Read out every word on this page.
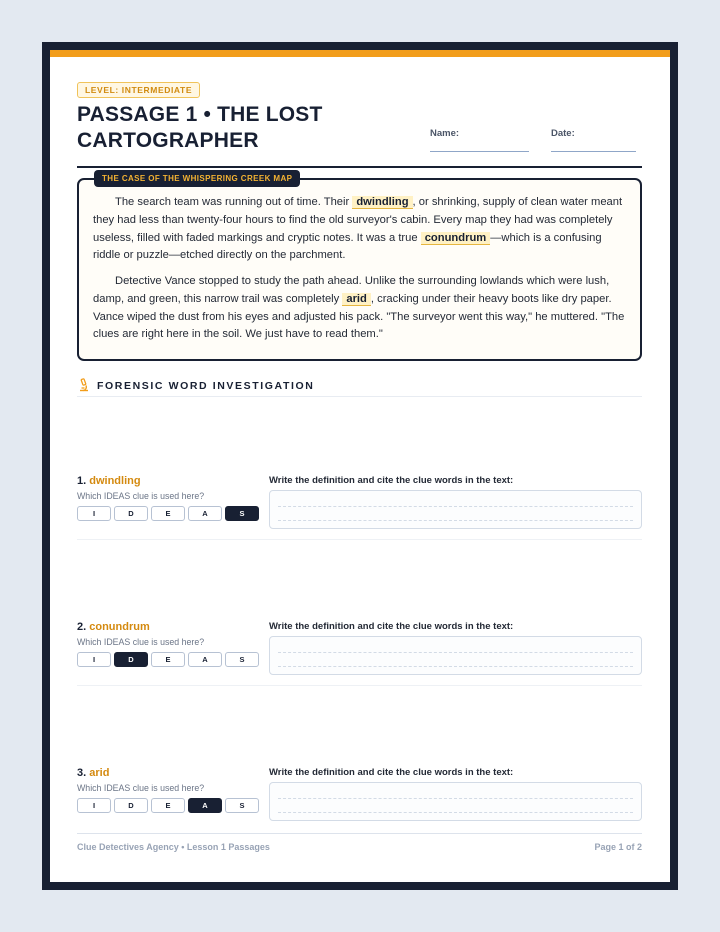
LEVEL: INTERMEDIATE
PASSAGE 1 • THE LOST CARTOGRAPHER	Name:	Date:
THE CASE OF THE WHISPERING CREEK MAP

The search team was running out of time. Their dwindling , or shrinking, supply of clean water meant they had less than twenty-four hours to find the old surveyor's cabin. Every map they had was completely useless, filled with faded markings and cryptic notes. It was a true conundrum —which is a confusing riddle or puzzle—etched directly on the parchment.

Detective Vance stopped to study the path ahead. Unlike the surrounding lowlands which were lush, damp, and green, this narrow trail was completely arid , cracking under their heavy boots like dry paper. Vance wiped the dust from his eyes and adjusted his pack. "The surveyor went this way," he muttered. "The clues are right here in the soil. We just have to read them."

FORENSIC WORD INVESTIGATION
1. dwindling
Which IDEAS clue is used here?
I	D	E	A	S
Write the definition and cite the clue words in the text:
2. conundrum
Which IDEAS clue is used here?
I	D	E	A	S
Write the definition and cite the clue words in the text:
3. arid
Which IDEAS clue is used here?
I	D	E	A	S
Write the definition and cite the clue words in the text:
Clue Detectives Agency • Lesson 1 Passages	Page 1 of 2
